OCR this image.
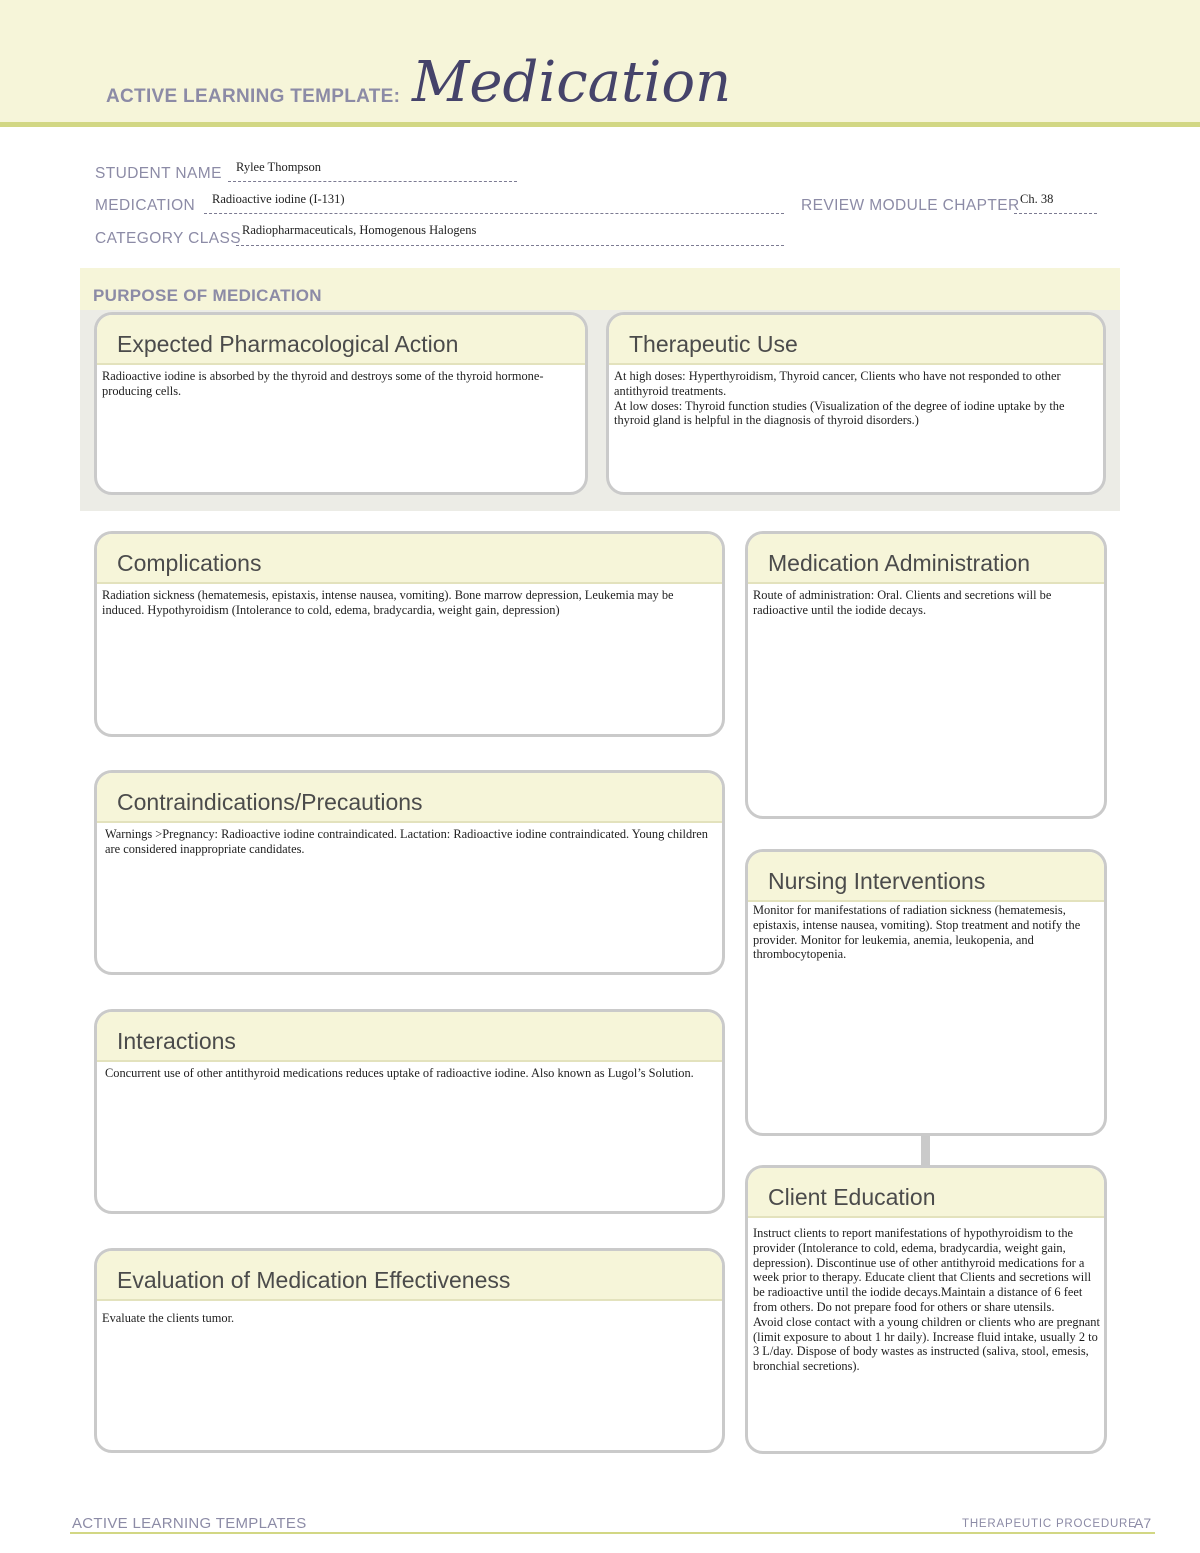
ACTIVE LEARNING TEMPLATE: Medication
STUDENT NAME Rylee Thompson
MEDICATION Radioactive iodine (I-131)	REVIEW MODULE CHAPTER Ch. 38
CATEGORY CLASS Radiopharmaceuticals, Homogenous Halogens
PURPOSE OF MEDICATION
Expected Pharmacological Action
Radioactive iodine is absorbed by the thyroid and destroys some of the thyroid hormone-producing cells.
Therapeutic Use
At high doses: Hyperthyroidism, Thyroid cancer, Clients who have not responded to other antithyroid treatments.
At low doses: Thyroid function studies (Visualization of the degree of iodine uptake by the thyroid gland is helpful in the diagnosis of thyroid disorders.)
Complications
Radiation sickness (hematemesis, epistaxis, intense nausea, vomiting). Bone marrow depression, Leukemia may be induced. Hypothyroidism (Intolerance to cold, edema, bradycardia, weight gain, depression)
Contraindications/Precautions
Warnings >Pregnancy: Radioactive iodine contraindicated. Lactation: Radioactive iodine contraindicated. Young children are considered inappropriate candidates.
Interactions
Concurrent use of other antithyroid medications reduces uptake of radioactive iodine. Also known as Lugol’s Solution.
Evaluation of Medication Effectiveness
Evaluate the clients tumor.
Medication Administration
Route of administration: Oral. Clients and secretions will be radioactive until the iodide decays.
Nursing Interventions
Monitor for manifestations of radiation sickness (hematemesis, epistaxis, intense nausea, vomiting). Stop treatment and notify the provider. Monitor for leukemia, anemia, leukopenia, and thrombocytopenia.
Client Education
Instruct clients to report manifestations of hypothyroidism to the provider (Intolerance to cold, edema, bradycardia, weight gain, depression). Discontinue use of other antithyroid medications for a week prior to therapy. Educate client that Clients and secretions will be radioactive until the iodide decays.Maintain a distance of 6 feet from others. Do not prepare food for others or share utensils.
Avoid close contact with a young children or clients who are pregnant (limit exposure to about 1 hr daily). Increase fluid intake, usually 2 to 3 L/day. Dispose of body wastes as instructed (saliva, stool, emesis, bronchial secretions).
ACTIVE LEARNING TEMPLATES	THERAPEUTIC PROCEDURE
A7
